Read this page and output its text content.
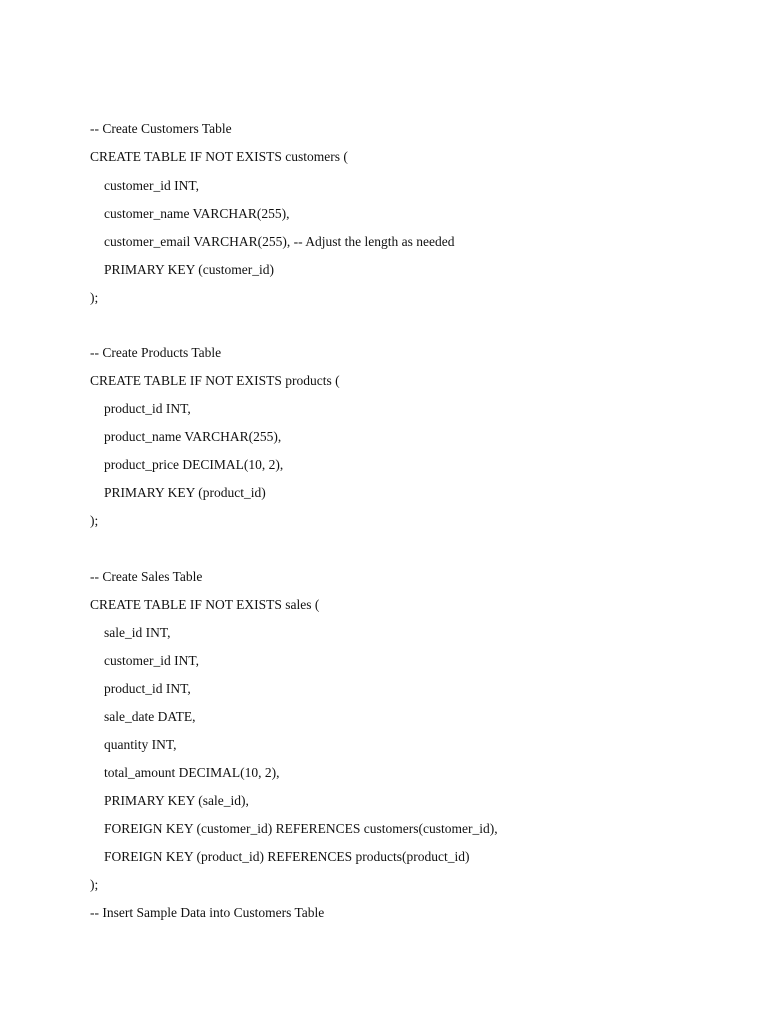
-- Create Customers Table

CREATE TABLE IF NOT EXISTS customers (

customer_id INT,

customer_name VARCHAR(255),

customer_email VARCHAR(255), -- Adjust the length as needed

PRIMARY KEY (customer_id)

);

-- Create Products Table

CREATE TABLE IF NOT EXISTS products (

product_id INT,

product_name VARCHAR(255),

product_price DECIMAL(10, 2),

PRIMARY KEY (product_id)

);

-- Create Sales Table

CREATE TABLE IF NOT EXISTS sales (

sale_id INT,

customer_id INT,

product_id INT,

sale_date DATE,

quantity INT,

total_amount DECIMAL(10, 2),

PRIMARY KEY (sale_id),

FOREIGN KEY (customer_id) REFERENCES customers(customer_id),

FOREIGN KEY (product_id) REFERENCES products(product_id)

);

-- Insert Sample Data into Customers Table
